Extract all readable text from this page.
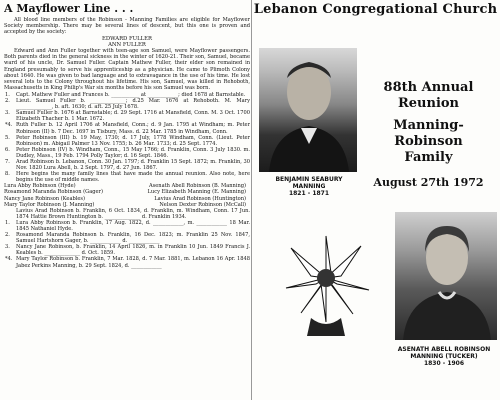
A Mayflower Line . . .

All blood line members of the Robinson - Manning Families are eligible for Mayflower Society membership. There may be several lines of descent, but this one is proven and accepted by the society:

EDWARD FULLER

ANN FULLER

Edward and Ann Fuller together with teen-age son Samuel, were Mayflower passengers. Both parents died in the general sickness in the winter of 1620-21. Their son, Samuel, became ward of his uncle, Dr. Samuel Fuller. Captain Mathew Fuller, their elder son remained in England presumably to serve his apprenticeship as a physician. He came to Plimoth Colony about 1640. He was given to bad language and to extravagance in the use of his time. He lost several lots to the Colony throughout his lifetime. His son, Samuel, was killed in Rehoboth, Massachusetts in King Philip's War six months before his son Samuel was born.

1. Capt. Mathew Fuller and Frances b. ___________ at ____________; died 1678 at Barnstable.
2. Lieut. Samuel Fuller b. ______________; d.25 Mar. 1676 at Rehoboth. M. Mary ______________, b. aft. 1630; d. aft. 25 July 1678.
3. Samuel Fuller b. 1676 at Barnstable; d. 29 Sept. 1716 at Mansfield, Conn. M. 3 Oct. 1700 Elizabeth Thacher b. 1 Mar. 1672.
*4. Ruth Fuller b. 12 April 1706 at Mansfield, Conn.; d. 9 Jan. 1795 at Windham; m. Peter Robinson (II) b. 7 Dec. 1697 in Tisbury, Mass. d. 22 Mar. 1785 in Windham, Conn.
5. Peter Robinson (III) b. 19 May, 1730; d. 17 July, 1778 Windham, Conn. (Lieut. Peter Robinson) m. Abigail Palmer 13 Nov. 1755; b. 26 Mar. 1733; d. 25 Sept. 1774.
6. Peter Robinson (IV) b. Windham, Conn., 15 May 1766; d. Franklin, Conn. 3 July 1830. m. Dudley, Mass., 19 Feb. 1794 Polly Taylor; d. 16 Sept. 1846.
7. Arad Robinson b. Lebanon, Conn. 30 Jan. 1797; d. Franklin 15 Sept. 1872; m. Franklin, 30 Nov. 1820 Lura Abell, b. 2 Sept. 1797, d. 27 Jun. 1867.
8. Here begins the many family lines that have made the annual reunion. Also note, here begins the use of middle names.
Lura Abby Robinson (Hyde)	Asenath Abell Robinson (B. Manning)
Rosamond Maranda Robinson (Gager)	Lucy Elizabeth Manning (E. Manning)
Nancy Jane Robinson (Keables)	Lavius Arad Robinson (Huntington)
Mary Taylor Robinson (J. Manning)	Nelson Dexter Robinson (McCall)

Lavius Arad Robinson b. Franklin, 6 Oct. 1834, d. Franklin, m. Windham, Conn. 17 Jun. 1874 Hattie Brown Huntington b. ______________ d. Franklin 1934.

1. Lura Abby Robinson b. Franklin, 17 Aug. 1822, d. ____________, m. ____________ 18 Mar. 1845 Nathaniel Hyde.
2. Rosamond Maranda Robinson b. Franklin, 16 Dec. 1823; m. Franklin 25 Nov. 1847, Samuel Hartshorn Gager, b. ____________ d. ____________
3. Nancy Jane Robinson, b. Franklin, 14 April 1826, m. in Franklin 10 Jun. 1849 Francis J. Keables b. ______________ d. Oct. 1859.
*4. Mary Taylor Robinson b. Franklin, 7 Mar. 1828, d. 7 Mar. 1881, m. Lebanon 16 Apr. 1848 Jabez Perkins Manning, b. 29 Sept. 1824, d. ____________
Lebanon Congregational Church
BENJAMIN SEABURY
MANNING
1821 - 1871
88th Annual Reunion
Manning-Robinson
Family
August 27th 1972
ASENATH ABELL ROBINSON
MANNING (TUCKER)
1830 - 1906
